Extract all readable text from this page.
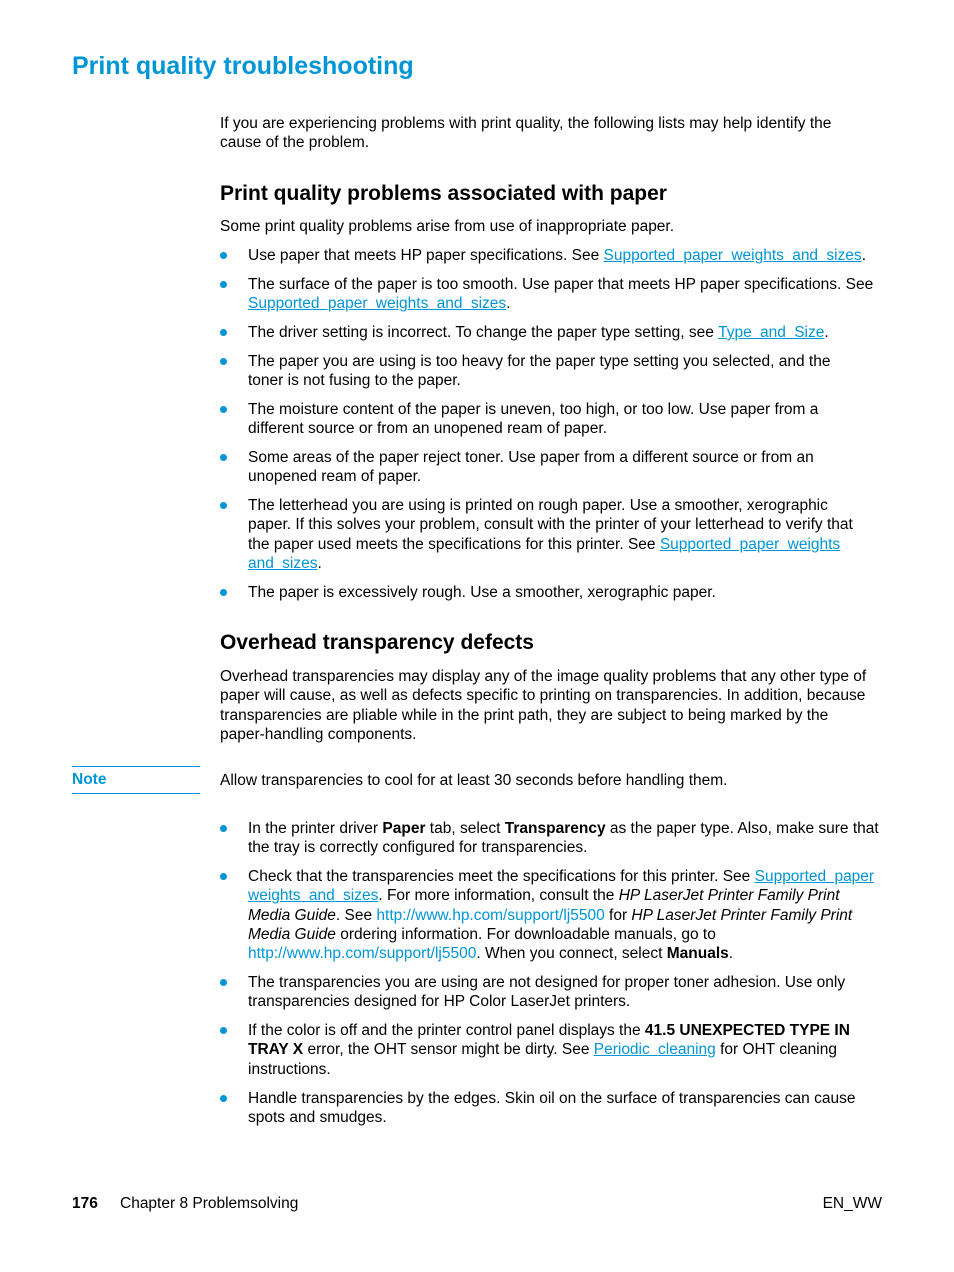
Print quality troubleshooting

If you are experiencing problems with print quality, the following lists may help identify the cause of the problem.

Print quality problems associated with paper

Some print quality problems arise from use of inappropriate paper.

Use paper that meets HP paper specifications. See Supported paper weights and sizes.
The surface of the paper is too smooth. Use paper that meets HP paper specifications. See Supported paper weights and sizes.
The driver setting is incorrect. To change the paper type setting, see Type and Size.
The paper you are using is too heavy for the paper type setting you selected, and the toner is not fusing to the paper.
The moisture content of the paper is uneven, too high, or too low. Use paper from a different source or from an unopened ream of paper.
Some areas of the paper reject toner. Use paper from a different source or from an unopened ream of paper.
The letterhead you are using is printed on rough paper. Use a smoother, xerographic paper. If this solves your problem, consult with the printer of your letterhead to verify that the paper used meets the specifications for this printer. See Supported paper weights and sizes.
The paper is excessively rough. Use a smoother, xerographic paper.
Overhead transparency defects

Overhead transparencies may display any of the image quality problems that any other type of paper will cause, as well as defects specific to printing on transparencies. In addition, because transparencies are pliable while in the print path, they are subject to being marked by the paper-handling components.

Note	Allow transparencies to cool for at least 30 seconds before handling them.

In the printer driver Paper tab, select Transparency as the paper type. Also, make sure that the tray is correctly configured for transparencies.
Check that the transparencies meet the specifications for this printer. See Supported paper weights and sizes. For more information, consult the HP LaserJet Printer Family Print Media Guide. See http://www.hp.com/support/lj5500 for HP LaserJet Printer Family Print Media Guide ordering information. For downloadable manuals, go to http://www.hp.com/support/lj5500. When you connect, select Manuals.
The transparencies you are using are not designed for proper toner adhesion. Use only transparencies designed for HP Color LaserJet printers.
If the color is off and the printer control panel displays the 41.5 UNEXPECTED TYPE IN TRAY X error, the OHT sensor might be dirty. See Periodic cleaning for OHT cleaning instructions.
Handle transparencies by the edges. Skin oil on the surface of transparencies can cause spots and smudges.
176 Chapter 8 Problemsolving	EN_WW
